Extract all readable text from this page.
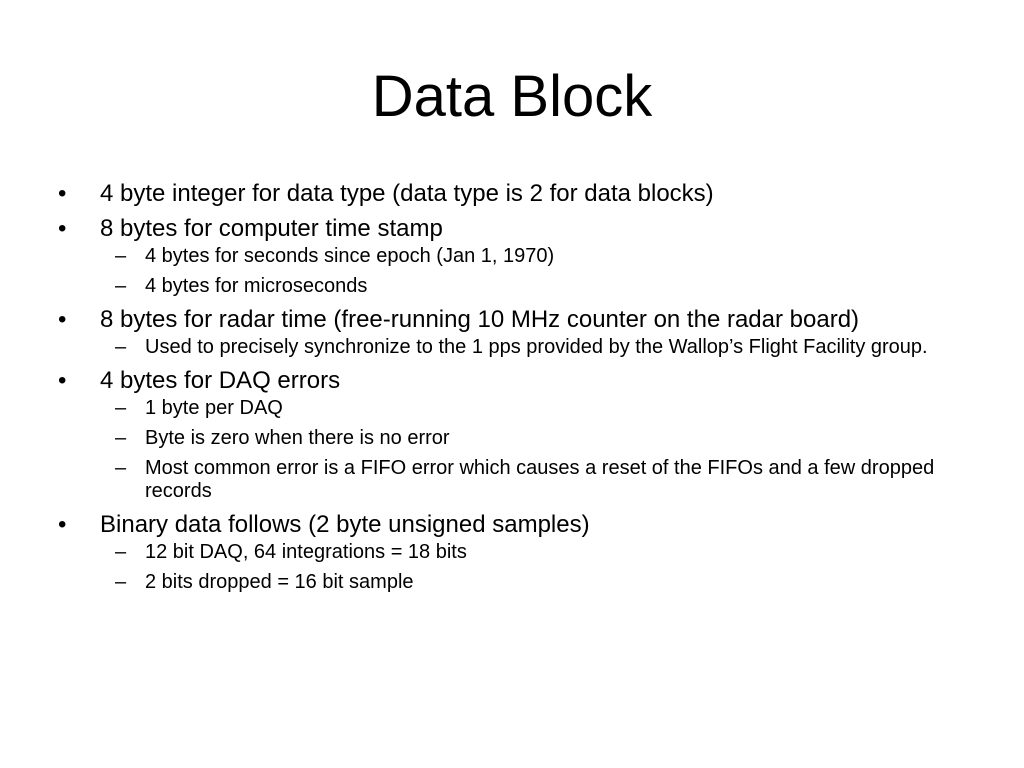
Data Block
•	4 byte integer for data type (data type is 2 for data blocks)
•	8 bytes for computer time stamp
– 4 bytes for seconds since epoch (Jan 1, 1970)
– 4 bytes for microseconds
•	8 bytes for radar time (free-running 10 MHz counter on the radar board)
– Used to precisely synchronize to the 1 pps provided by the Wallop’s Flight Facility group.
•	4 bytes for DAQ errors
– 1 byte per DAQ
– Byte is zero when there is no error
– Most common error is a FIFO error which causes a reset of the FIFOs and a few dropped records
•	Binary data follows (2 byte unsigned samples)
– 12 bit DAQ, 64 integrations = 18 bits
– 2 bits dropped = 16 bit sample
